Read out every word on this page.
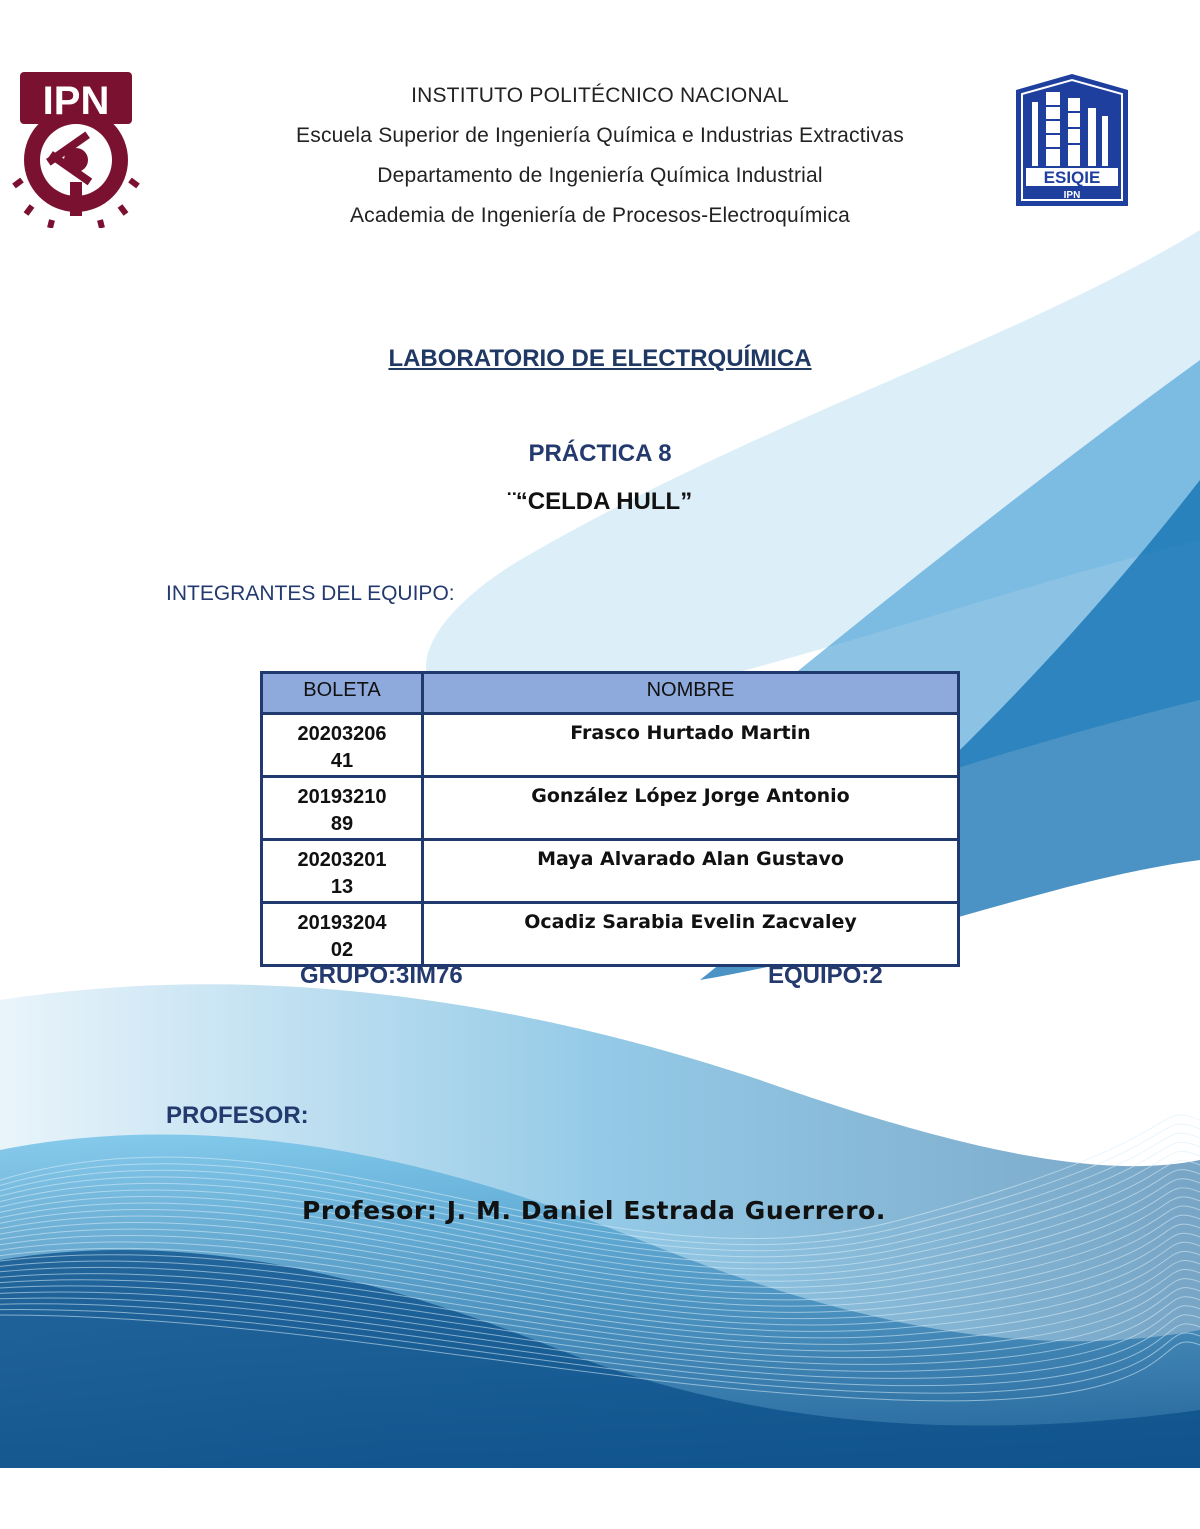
IPN
ESIQIE
IPN
INSTITUTO POLITÉCNICO NACIONAL
Escuela Superior de Ingeniería Química e Industrias Extractivas
Departamento de Ingeniería Química Industrial
Academia de Ingeniería de Procesos-Electroquímica
LABORATORIO DE ELECTRQUÍMICA
PRÁCTICA 8
¨“CELDA HULL”
INTEGRANTES DEL EQUIPO:
BOLETA	NOMBRE
20203206
41	Frasco Hurtado Martin
20193210
89	González López Jorge Antonio
20203201
13	Maya Alvarado Alan Gustavo
20193204
02	Ocadiz Sarabia Evelin Zacvaley
GRUPO:3IM76	EQUIPO:2
PROFESOR:
Profesor: J. M. Daniel Estrada Guerrero.
